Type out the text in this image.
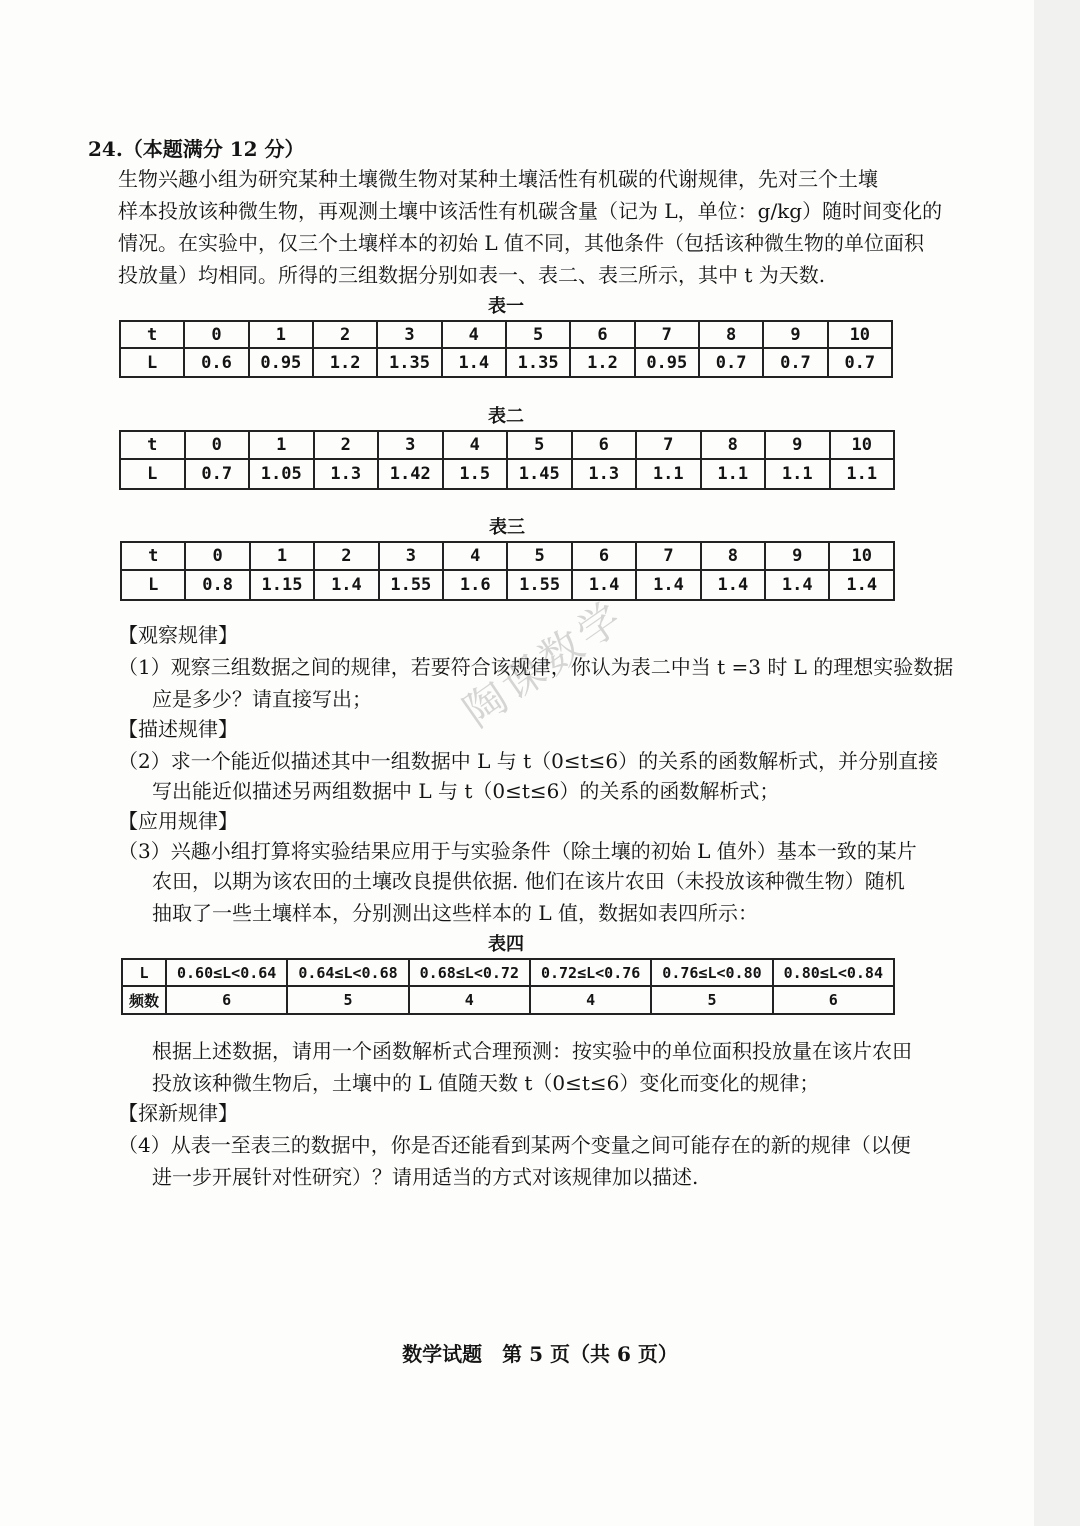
陶课数学
24.（本题满分 12 分）
生物兴趣小组为研究某种土壤微生物对某种土壤活性有机碳的代谢规律，先对三个土壤
样本投放该种微生物，再观测土壤中该活性有机碳含量（记为 L，单位：g/kg）随时间变化的
情况。在实验中，仅三个土壤样本的初始 L 值不同，其他条件（包括该种微生物的单位面积
投放量）均相同。所得的三组数据分别如表一、表二、表三所示，其中 t 为天数.
表一
t	0	1	2	3	4	5	6	7	8	9	10
L	0.6	0.95	1.2	1.35	1.4	1.35	1.2	0.95	0.7	0.7	0.7
表二
t	0	1	2	3	4	5	6	7	8	9	10
L	0.7	1.05	1.3	1.42	1.5	1.45	1.3	1.1	1.1	1.1	1.1
表三
t	0	1	2	3	4	5	6	7	8	9	10
L	0.8	1.15	1.4	1.55	1.6	1.55	1.4	1.4	1.4	1.4	1.4
【观察规律】
（1）观察三组数据之间的规律，若要符合该规律，你认为表二中当 t =3 时 L 的理想实验数据
应是多少？请直接写出；
【描述规律】
（2）求一个能近似描述其中一组数据中 L 与 t（0≤t≤6）的关系的函数解析式，并分别直接
写出能近似描述另两组数据中 L 与 t（0≤t≤6）的关系的函数解析式；
【应用规律】
（3）兴趣小组打算将实验结果应用于与实验条件（除土壤的初始 L 值外）基本一致的某片
农田，以期为该农田的土壤改良提供依据. 他们在该片农田（未投放该种微生物）随机
抽取了一些土壤样本，分别测出这些样本的 L 值，数据如表四所示：
表四
L	0.60≤L<0.64	0.64≤L<0.68	0.68≤L<0.72	0.72≤L<0.76	0.76≤L<0.80	0.80≤L<0.84
频数	6	5	4	4	5	6
根据上述数据，请用一个函数解析式合理预测：按实验中的单位面积投放量在该片农田
投放该种微生物后，土壤中的 L 值随天数 t（0≤t≤6）变化而变化的规律；
【探新规律】
（4）从表一至表三的数据中，你是否还能看到某两个变量之间可能存在的新的规律（以便
进一步开展针对性研究）？请用适当的方式对该规律加以描述.
数学试题　第 5 页（共 6 页）
